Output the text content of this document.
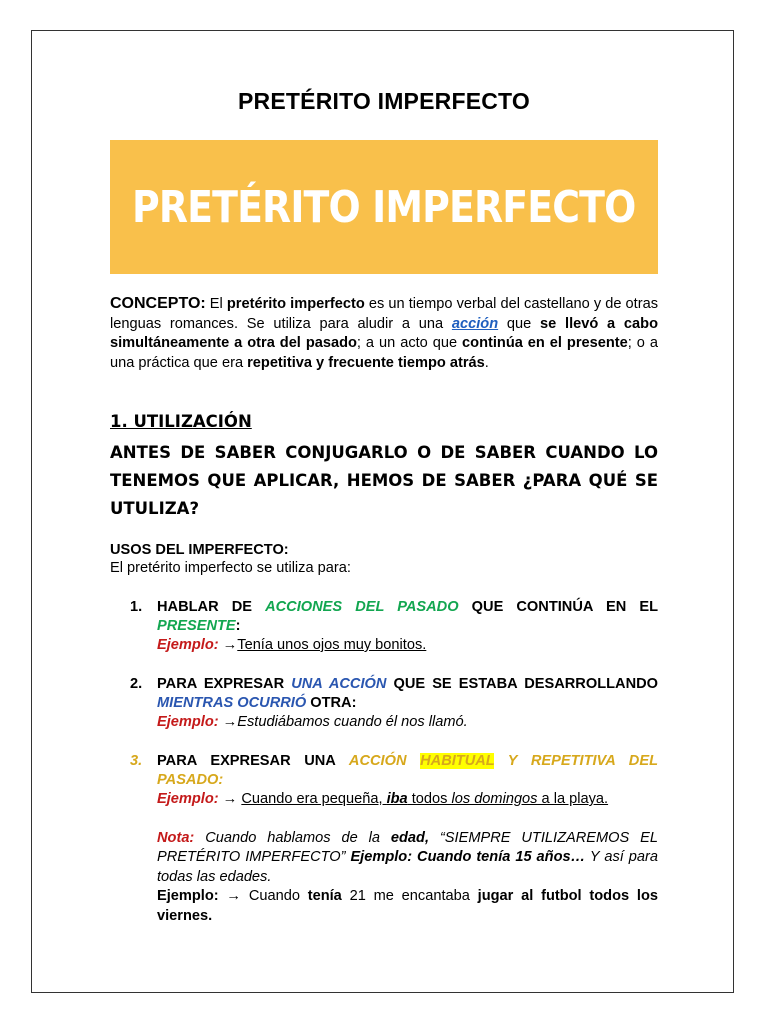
PRETÉRITO IMPERFECTO
PRETÉRITO IMPERFECTO
CONCEPTO: El pretérito imperfecto es un tiempo verbal del castellano y de otras lenguas romances. Se utiliza para aludir a una acción que se llevó a cabo simultáneamente a otra del pasado; a un acto que continúa en el presente; o a una práctica que era repetitiva y frecuente tiempo atrás.
1. UTILIZACIÓN
ANTES DE SABER CONJUGARLO O DE SABER CUANDO LO TENEMOS QUE APLICAR, HEMOS DE SABER ¿PARA QUÉ SE UTULIZA?
USOS DEL IMPERFECTO:
El pretérito imperfecto se utiliza para:
1.	HABLAR DE ACCIONES DEL PASADO QUE CONTINÚA EN EL PRESENTE:
Ejemplo: →Tenía unos ojos muy bonitos.
2.	PARA EXPRESAR UNA ACCIÓN QUE SE ESTABA DESARROLLANDO MIENTRAS OCURRIÓ OTRA:
Ejemplo: →Estudiábamos cuando él nos llamó.
3.	PARA EXPRESAR UNA ACCIÓN HABITUAL Y REPETITIVA DEL PASADO:
Ejemplo: → Cuando era pequeña, iba todos los domingos a la playa.
Nota: Cuando hablamos de la edad, “SIEMPRE UTILIZAREMOS EL PRETÉRITO IMPERFECTO” Ejemplo: Cuando tenía 15 años… Y así para todas las edades.
Ejemplo: → Cuando tenía 21 me encantaba jugar al futbol todos los viernes.
